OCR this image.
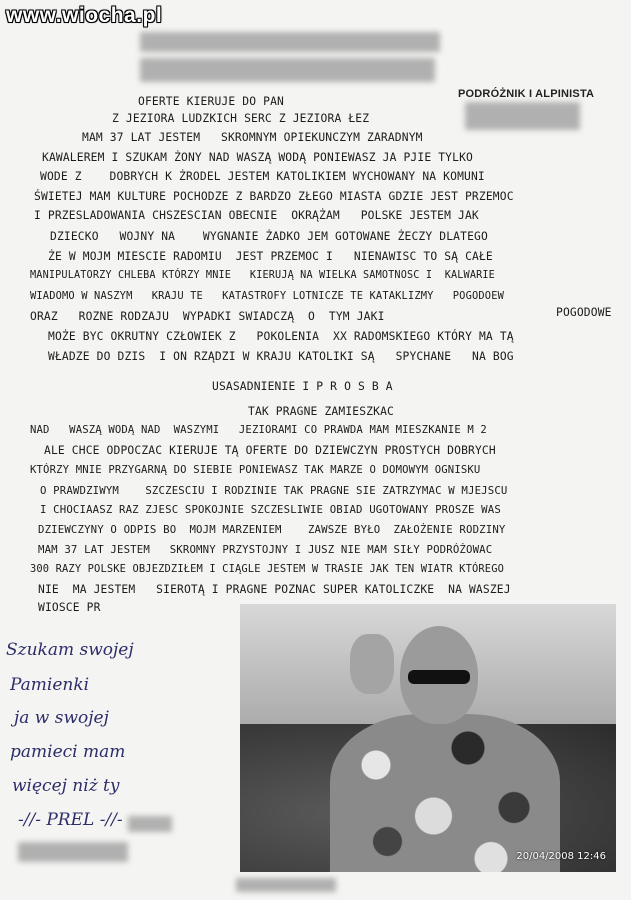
www.wiocha.pl
PODRÓŻNIK I ALPINISTA
OFERTE KIERUJE DO PAN
Z JEZIORA LUDZKICH SERC Z JEZIORA ŁEZ
MAM 37 LAT JESTEM   SKROMNYM OPIEKUNCZYM ZARADNYM
KAWALEREM I SZUKAM ŻONY NAD WASZĄ WODĄ PONIEWASZ JA PJIE TYLKO
WODE Z    DOBRYCH K ŻRODEL JESTEM KATOLIKIEM WYCHOWANY NA KOMUNI
ŚWIETEJ MAM KULTURE POCHODZE Z BARDZO ZŁEGO MIASTA GDZIE JEST PRZEMOC
I PRZESLADOWANIA CHSZESCIAN OBECNIE  OKRĄŻAM   POLSKE JESTEM JAK
DZIECKO   WOJNY NA    WYGNANIE ŻADKO JEM GOTOWANE ŻECZY DLATEGO
ŻE W MOJM MIESCIE RADOMIU  JEST PRZEMOC I   NIENAWISC TO SĄ CAŁE
MANIPULATORZY CHLEBA KTÓRZY MNIE   KIERUJĄ NA WIELKA SAMOTNOSC I  KALWARIE
WIADOMO W NASZYM   KRAJU TE   KATASTROFY LOTNICZE TE KATAKLIZMY   POGODOEW
ORAZ   ROZNE RODZAJU  WYPADKI SWIADCZĄ  O  TYM JAKI	POGODOWE
MOŻE BYC OKRUTNY CZŁOWIEK Z   POKOLENIA  XX RADOMSKIEGO KTÓRY MA TĄ
WŁADZE DO DZIS  I ON RZĄDZI W KRAJU KATOLIKI SĄ   SPYCHANE   NA BOG
USASADNIENIE I P R O S B A
TAK PRAGNE ZAMIESZKAC
NAD   WASZĄ WODĄ NAD  WASZYMI   JEZIORAMI CO PRAWDA MAM MIESZKANIE M 2
ALE CHCE ODPOCZAC KIERUJE TĄ OFERTE DO DZIEWCZYN PROSTYCH DOBRYCH
KTÓRZY MNIE PRZYGARNĄ DO SIEBIE PONIEWASZ TAK MARZE O DOMOWYM OGNISKU
O PRAWDZIWYM    SZCZESCIU I RODZINIE TAK PRAGNE SIE ZATRZYMAC W MJEJSCU
I CHOCIAASZ RAZ ZJESC SPOKOJNIE SZCZESLIWIE OBIAD UGOTOWANY PROSZE WAS
DZIEWCZYNY O ODPIS BO  MOJM MARZENIEM    ZAWSZE BYŁO  ZAŁOŻENIE RODZINY
MAM 37 LAT JESTEM   SKROMNY PRZYSTOJNY I JUSZ NIE MAM SIŁY PODRÓŻOWAC
300 RAZY POLSKE OBJEZDZIŁEM I CIĄGLE JESTEM W TRASIE JAK TEN WIATR KTÓREGO
NIE  MA JESTEM   SIEROTĄ I PRAGNE POZNAC SUPER KATOLICZKE  NA WASZEJ
WIOSCE PR
20/04/2008 12:46
Szukam swojej
Pamienki
ja w swojej
pamieci mam
więcej niż ty
-//- PREL -//-
